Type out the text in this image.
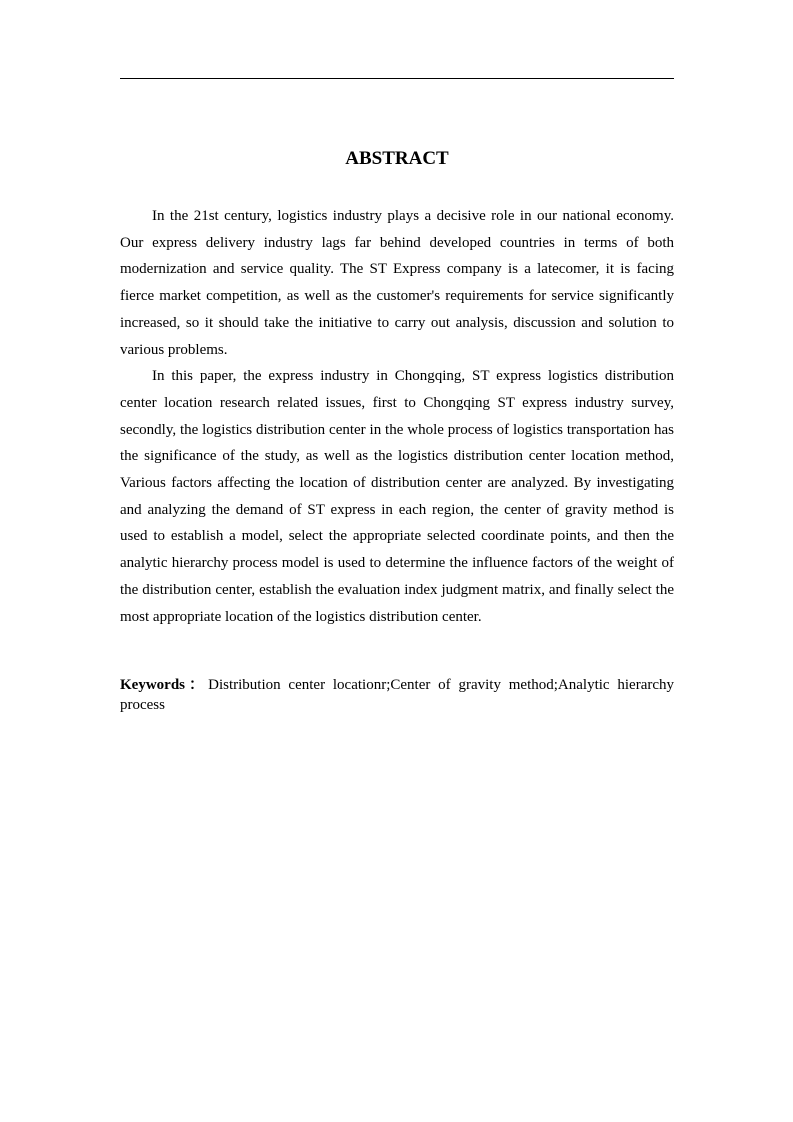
ABSTRACT

In the 21st century, logistics industry plays a decisive role in our national economy. Our express delivery industry lags far behind developed countries in terms of both modernization and service quality. The ST Express company is a latecomer, it is facing fierce market competition, as well as the customer's requirements for service significantly increased, so it should take the initiative to carry out analysis, discussion and solution to various problems.

In this paper, the express industry in Chongqing, ST express logistics distribution center location research related issues, first to Chongqing ST express industry survey, secondly, the logistics distribution center in the whole process of logistics transportation has the significance of the study, as well as the logistics distribution center location method, Various factors affecting the location of distribution center are analyzed. By investigating and analyzing the demand of ST express in each region, the center of gravity method is used to establish a model, select the appropriate selected coordinate points, and then the analytic hierarchy process model is used to determine the influence factors of the weight of the distribution center, establish the evaluation index judgment matrix, and finally select the most appropriate location of the logistics distribution center.

Keywords：Distribution center locationr;Center of gravity method;Analytic hierarchy process
